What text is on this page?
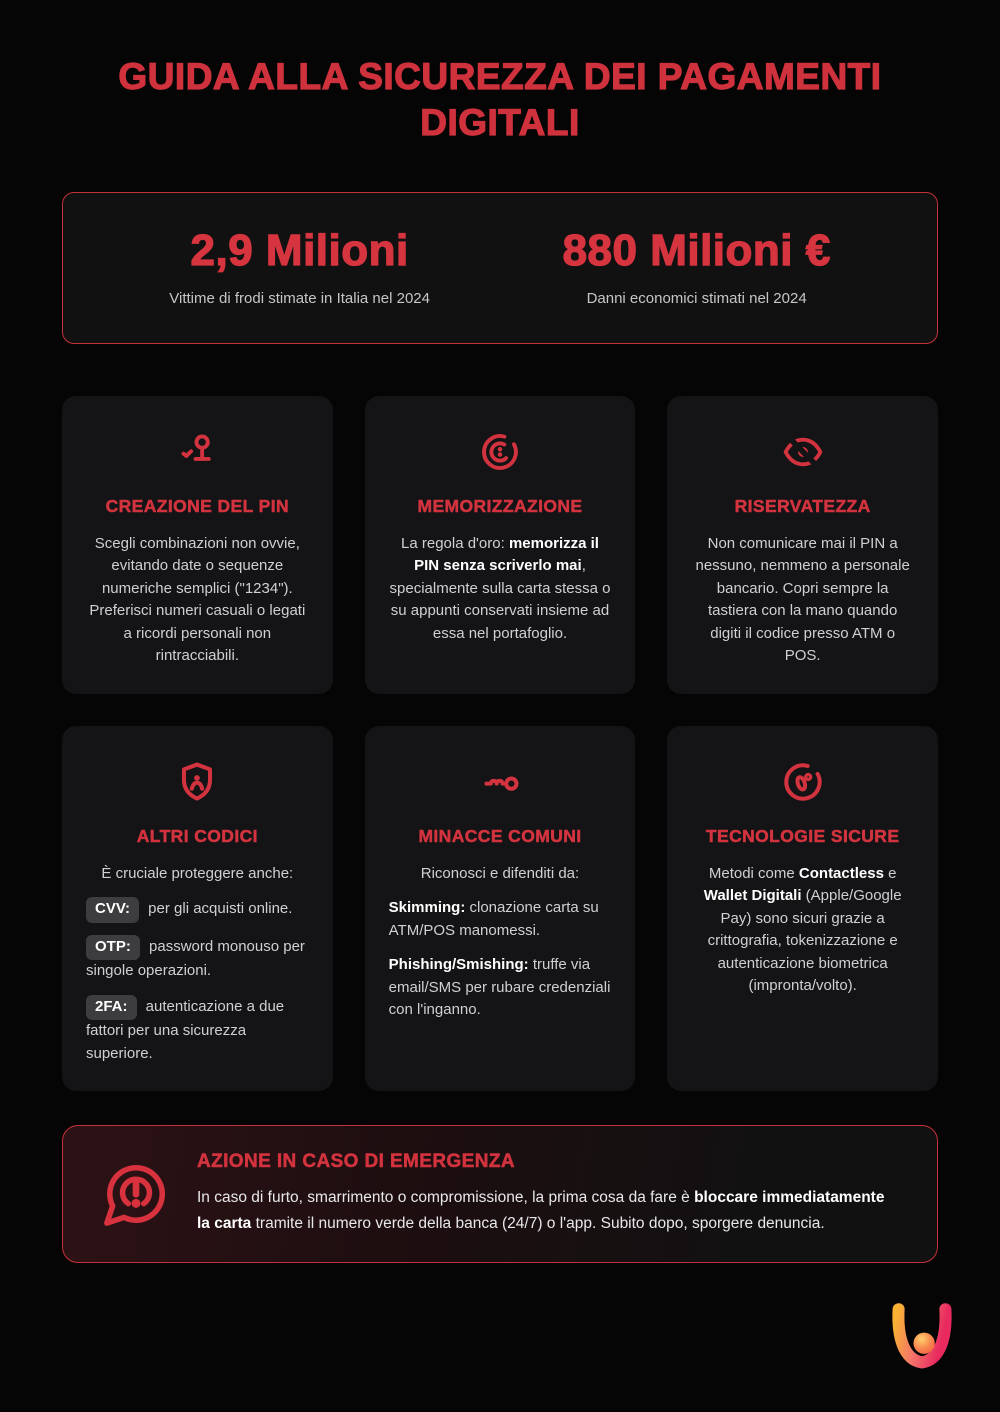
GUIDA ALLA SICUREZZA DEI PAGAMENTI DIGITALI
2,9 Milioni
Vittime di frodi stimate in Italia nel 2024
880 Milioni €
Danni economici stimati nel 2024
CREAZIONE DEL PIN

Scegli combinazioni non ovvie, evitando date o sequenze numeriche semplici ("1234"). Preferisci numeri casuali o legati a ricordi personali non rintracciabili.

MEMORIZZAZIONE

La regola d'oro: memorizza il PIN senza scriverlo mai, specialmente sulla carta stessa o su appunti conservati insieme ad essa nel portafoglio.

RISERVATEZZA

Non comunicare mai il PIN a nessuno, nemmeno a personale bancario. Copri sempre la tastiera con la mano quando digiti il codice presso ATM o POS.

ALTRI CODICI

È cruciale proteggere anche:

CVV: per gli acquisti online.

OTP: password monouso per singole operazioni.

2FA: autenticazione a due fattori per una sicurezza superiore.

MINACCE COMUNI

Riconosci e difenditi da:

Skimming: clonazione carta su ATM/POS manomessi.

Phishing/Smishing: truffe via email/SMS per rubare credenziali con l'inganno.

TECNOLOGIE SICURE

Metodi come Contactless e Wallet Digitali (Apple/Google Pay) sono sicuri grazie a crittografia, tokenizzazione e autenticazione biometrica (impronta/volto).

AZIONE IN CASO DI EMERGENZA

In caso di furto, smarrimento o compromissione, la prima cosa da fare è bloccare immediatamente la carta tramite il numero verde della banca (24/7) o l'app. Subito dopo, sporgere denuncia.
